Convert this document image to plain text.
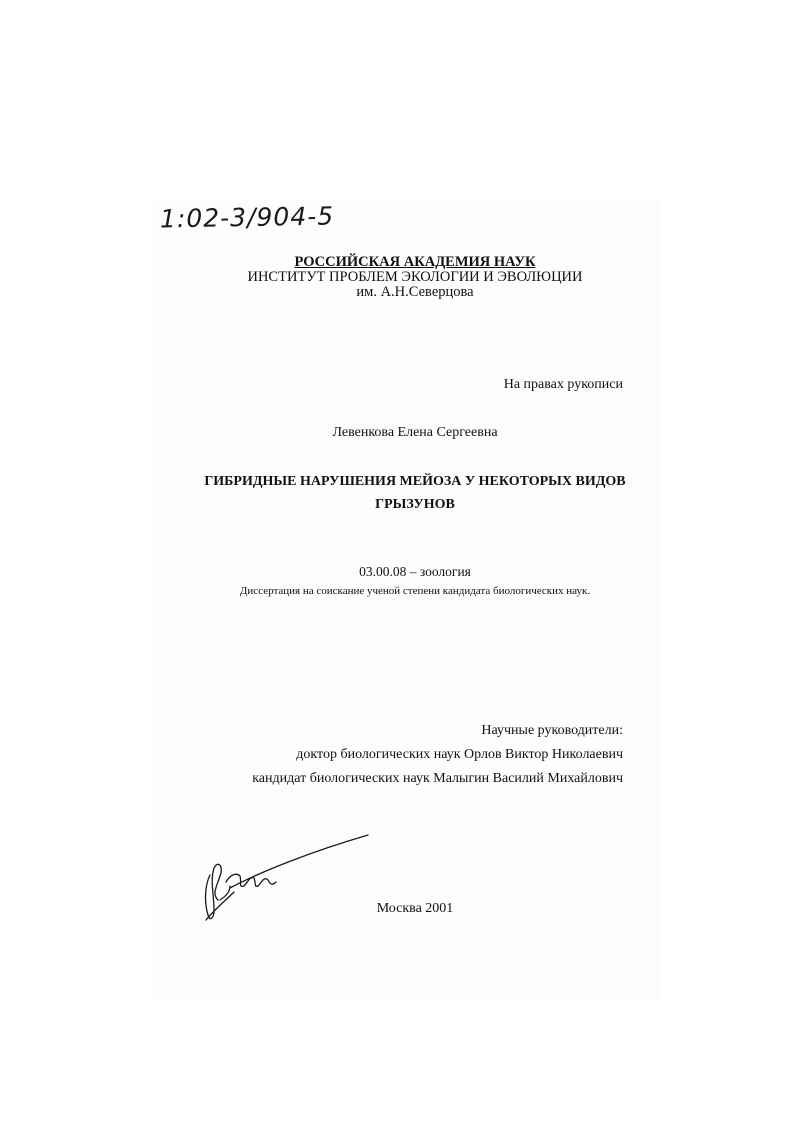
1:02-3/904-5
РОССИЙСКАЯ АКАДЕМИЯ НАУК
ИНСТИТУТ ПРОБЛЕМ ЭКОЛОГИИ И ЭВОЛЮЦИИ
им. А.Н.Северцова
На правах рукописи
Левенкова Елена Сергеевна
ГИБРИДНЫЕ НАРУШЕНИЯ МЕЙОЗА У НЕКОТОРЫХ ВИДОВ
ГРЫЗУНОВ
03.00.08 – зоология
Диссертация на соискание ученой степени кандидата биологических наук.
Научные руководители:
доктор биологических наук Орлов Виктор Николаевич
кандидат биологических наук Малыгин Василий Михайлович
Москва 2001
